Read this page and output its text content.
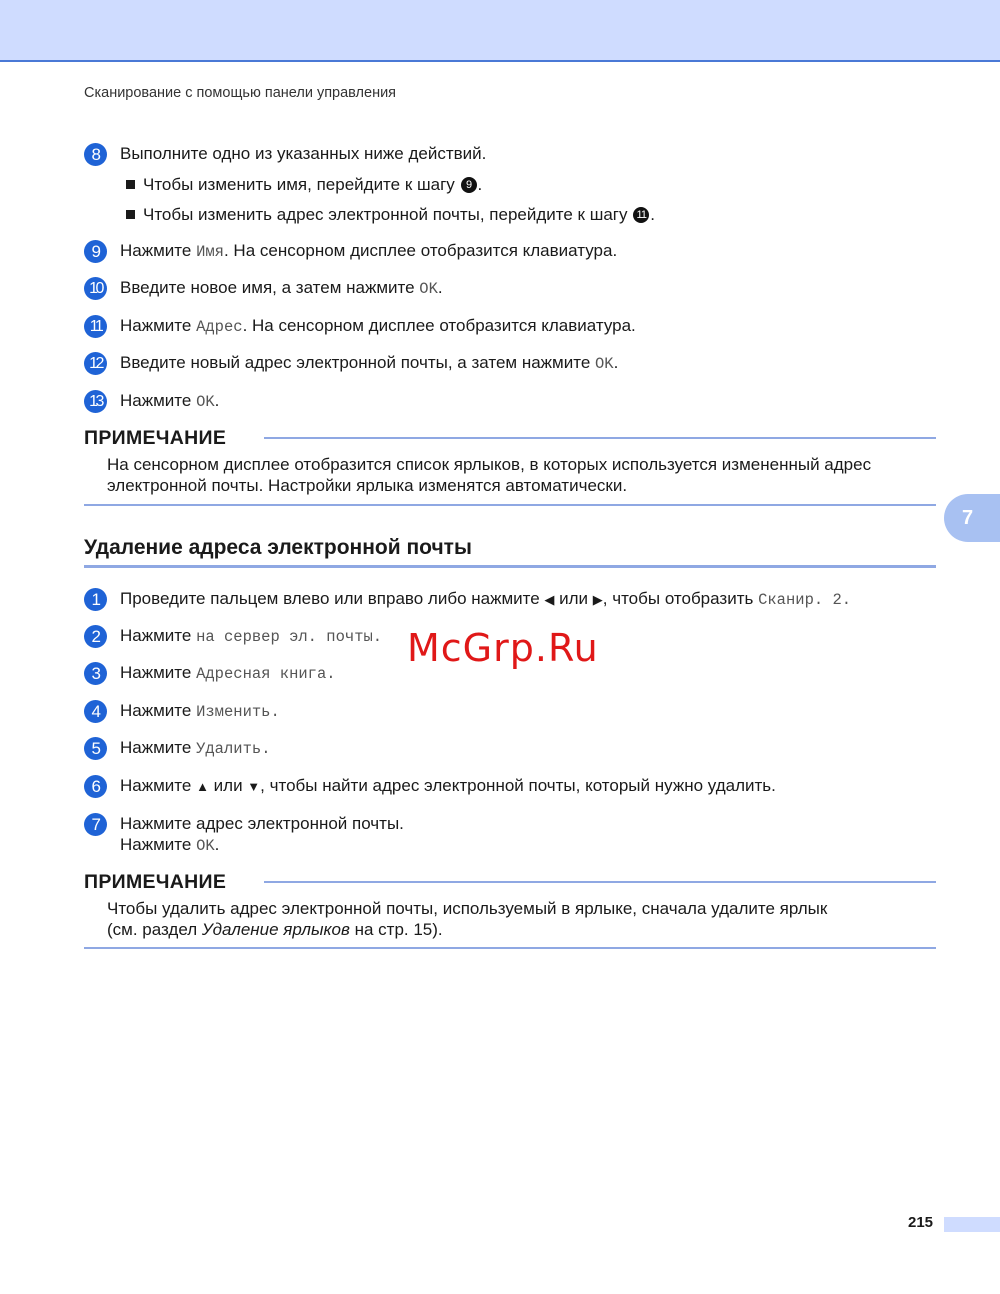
Сканирование с помощью панели управления
8	Выполните одно из указанных ниже действий.
Чтобы изменить имя, перейдите к шагу
	9 .
Чтобы изменить адрес электронной почты, перейдите к шагу
11 .
9	Нажмите Имя. На сенсорном дисплее отобразится клавиатура.
10	Введите новое имя, а затем нажмите OK.
11	Нажмите Адрес. На сенсорном дисплее отобразится клавиатура.
12	Введите новый адрес электронной почты, а затем нажмите OK.
13	Нажмите OK.
ПРИМЕЧАНИЕ
На сенсорном дисплее отобразится список ярлыков, в которых используется измененный адрес
электронной почты. Настройки ярлыка изменятся автоматически.
7
Удаление адреса электронной почты
1	Проведите пальцем влево или вправо либо нажмите ◀ или ▶, чтобы отобразить Сканир. 2.
2	Нажмите на сервер эл. почты.
3	Нажмите Адресная книга.
4	Нажмите Изменить.
5	Нажмите Удалить.
6	Нажмите ▲ или ▼, чтобы найти адрес электронной почты, который нужно удалить.
7	Нажмите адрес электронной почты.
Нажмите OK.
ПРИМЕЧАНИЕ
Чтобы удалить адрес электронной почты, используемый в ярлыке, сначала удалите ярлык
(см. раздел Удаление ярлыков на стр. 15).
McGrp.Ru
215
